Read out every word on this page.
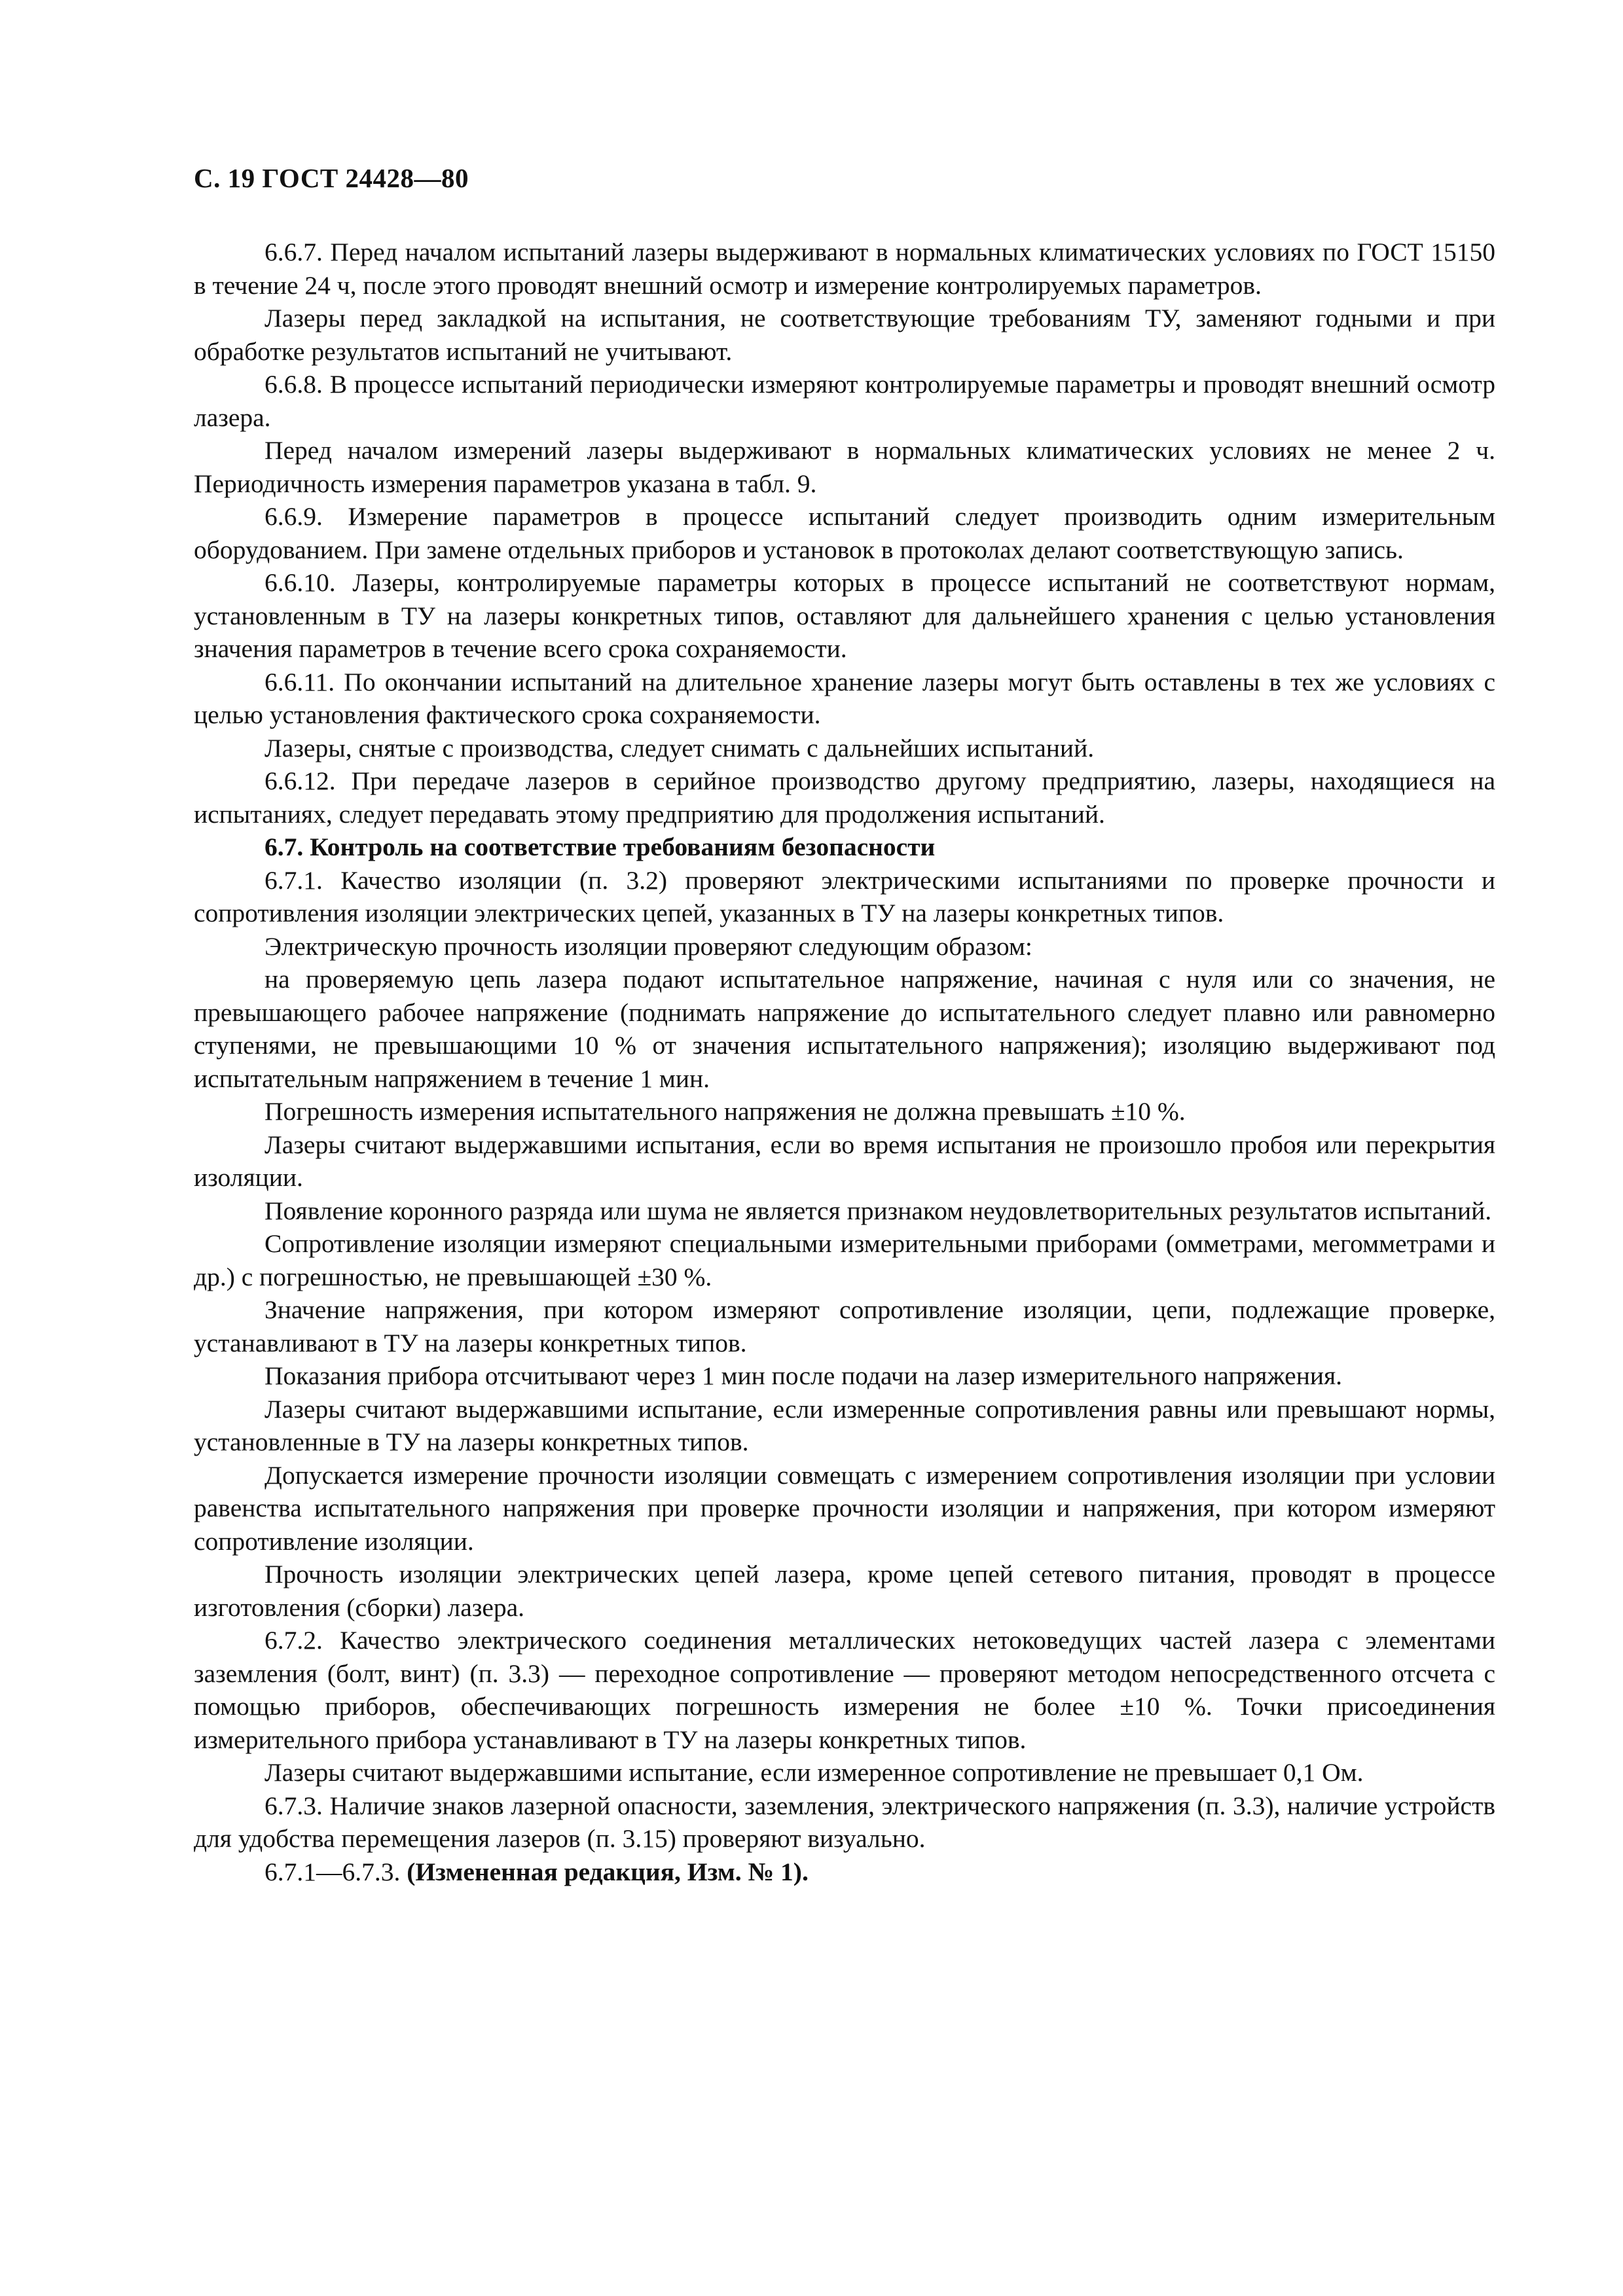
С. 19 ГОСТ 24428—80

6.6.7. Перед началом испытаний лазеры выдерживают в нормальных климатических условиях по ГОСТ 15150 в течение 24 ч, после этого проводят внешний осмотр и измерение контролируемых параметров.

Лазеры перед закладкой на испытания, не соответствующие требованиям ТУ, заменяют годными и при обработке результатов испытаний не учитывают.

6.6.8. В процессе испытаний периодически измеряют контролируемые параметры и проводят внешний осмотр лазера.

Перед началом измерений лазеры выдерживают в нормальных климатических условиях не менее 2 ч. Периодичность измерения параметров указана в табл. 9.

6.6.9. Измерение параметров в процессе испытаний следует производить одним измерительным оборудованием. При замене отдельных приборов и установок в протоколах делают соответствующую запись.

6.6.10. Лазеры, контролируемые параметры которых в процессе испытаний не соответствуют нормам, установленным в ТУ на лазеры конкретных типов, оставляют для дальнейшего хранения с целью установления значения параметров в течение всего срока сохраняемости.

6.6.11. По окончании испытаний на длительное хранение лазеры могут быть оставлены в тех же условиях с целью установления фактического срока сохраняемости.

Лазеры, снятые с производства, следует снимать с дальнейших испытаний.

6.6.12. При передаче лазеров в серийное производство другому предприятию, лазеры, находящиеся на испытаниях, следует передавать этому предприятию для продолжения испытаний.

6.7. Контроль на соответствие требованиям безопасности

6.7.1. Качество изоляции (п. 3.2) проверяют электрическими испытаниями по проверке прочности и сопротивления изоляции электрических цепей, указанных в ТУ на лазеры конкретных типов.

Электрическую прочность изоляции проверяют следующим образом:

на проверяемую цепь лазера подают испытательное напряжение, начиная с нуля или со значения, не превышающего рабочее напряжение (поднимать напряжение до испытательного следует плавно или равномерно ступенями, не превышающими 10 % от значения испытательного напряжения); изоляцию выдерживают под испытательным напряжением в течение 1 мин.

Погрешность измерения испытательного напряжения не должна превышать ±10 %.

Лазеры считают выдержавшими испытания, если во время испытания не произошло пробоя или перекрытия изоляции.

Появление коронного разряда или шума не является признаком неудовлетворительных результатов испытаний.

Сопротивление изоляции измеряют специальными измерительными приборами (омметрами, мегомметрами и др.) с погрешностью, не превышающей ±30 %.

Значение напряжения, при котором измеряют сопротивление изоляции, цепи, подлежащие проверке, устанавливают в ТУ на лазеры конкретных типов.

Показания прибора отсчитывают через 1 мин после подачи на лазер измерительного напряжения.

Лазеры считают выдержавшими испытание, если измеренные сопротивления равны или превышают нормы, установленные в ТУ на лазеры конкретных типов.

Допускается измерение прочности изоляции совмещать с измерением сопротивления изоляции при условии равенства испытательного напряжения при проверке прочности изоляции и напряжения, при котором измеряют сопротивление изоляции.

Прочность изоляции электрических цепей лазера, кроме цепей сетевого питания, проводят в процессе изготовления (сборки) лазера.

6.7.2. Качество электрического соединения металлических нетоковедущих частей лазера с элементами заземления (болт, винт) (п. 3.3) — переходное сопротивление — проверяют методом непосредственного отсчета с помощью приборов, обеспечивающих погрешность измерения не более ±10 %. Точки присоединения измерительного прибора устанавливают в ТУ на лазеры конкретных типов.

Лазеры считают выдержавшими испытание, если измеренное сопротивление не превышает 0,1 Ом.

6.7.3. Наличие знаков лазерной опасности, заземления, электрического напряжения (п. 3.3), наличие устройств для удобства перемещения лазеров (п. 3.15) проверяют визуально.

6.7.1—6.7.3. (Измененная редакция, Изм. № 1).
